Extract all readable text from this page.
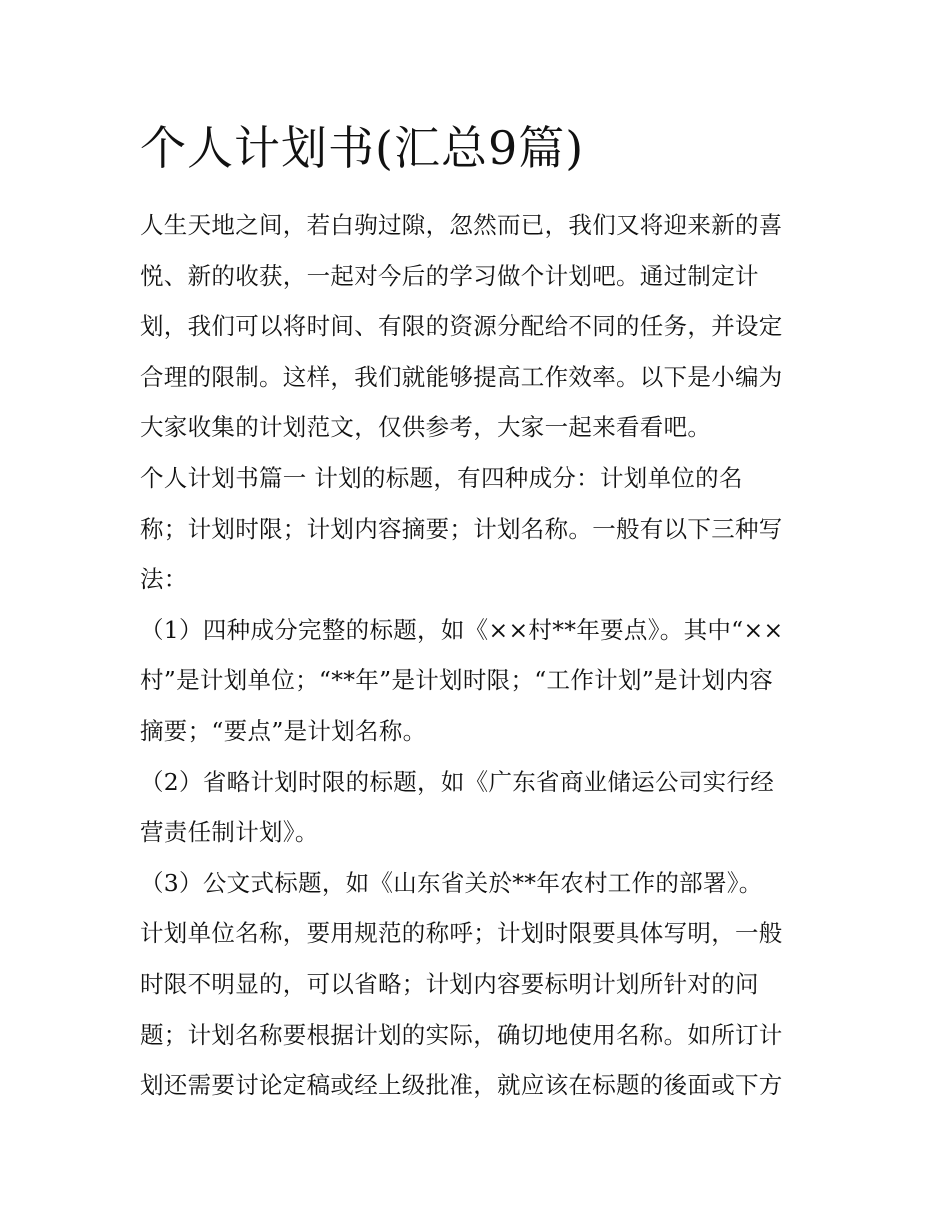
个人计划书(汇总9篇)
人生天地之间，若白驹过隙，忽然而已，我们又将迎来新的喜
悦、新的收获，一起对今后的学习做个计划吧。通过制定计
划，我们可以将时间、有限的资源分配给不同的任务，并设定
合理的限制。这样，我们就能够提高工作效率。以下是小编为
大家收集的计划范文，仅供参考，大家一起来看看吧。
个人计划书篇一 计划的标题，有四种成分：计划单位的名
称；计划时限；计划内容摘要；计划名称。一般有以下三种写
法：
（1）四种成分完整的标题，如《××村**年要点》。其中“××
村”是计划单位；“**年”是计划时限；“工作计划”是计划内容
摘要；“要点”是计划名称。
（2）省略计划时限的标题，如《广东省商业储运公司实行经
营责任制计划》。
（3）公文式标题，如《山东省关於**年农村工作的部署》。
计划单位名称，要用规范的称呼；计划时限要具体写明，一般
时限不明显的，可以省略；计划内容要标明计划所针对的问
题；计划名称要根据计划的实际，确切地使用名称。如所订计
划还需要讨论定稿或经上级批准，就应该在标题的後面或下方
